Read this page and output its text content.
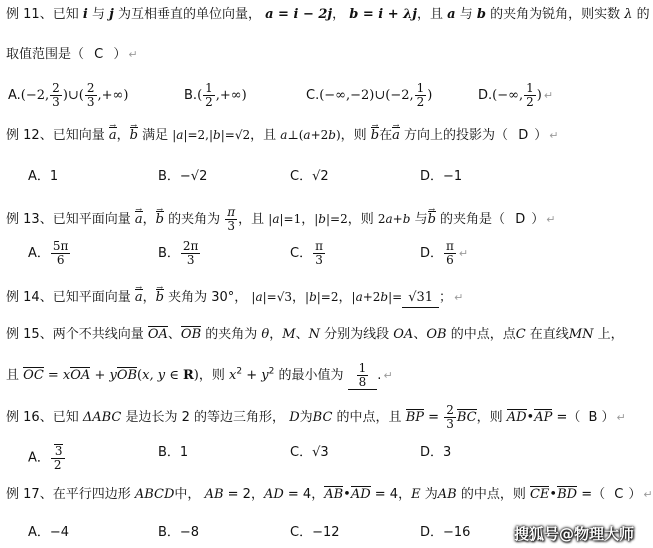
例 11、已知 i 与 j 为互相垂直的单位向量， a = i − 2j， b = i + λj，且 a 与 b 的夹角为锐角，则实数 λ 的
取值范围是（ C ） ↵
A.(−2, $\frac{2}{3}$ )∪( $\frac{2}{3}$ ,+∞)	$B.( \frac{1}{2}$ ,+∞)	C.(−∞,−2)∪(−2, $\frac{1}{2}$ )	D.(−∞, $\frac{1}{2}$ ) ↵
例 12、已知向量 a →，b → 满足 |a|=2,|b|=√2，且 a⊥(a+2b)，则 b →在a → 方向上的投影为（ D ） ↵
A．1	B．−√2	C．√2	D．−1
例 13、已知平面向量 a →，b → 的夹角为 $\frac{\pi}{3}$ ，且 |a|=1，|b|=2，则 2a+b 与b → 的夹角是（ D ） ↵
A． $\frac{5\pi}{6}$	B． $\frac{2\pi}{3}$	C． $\frac{\pi}{3}$	D． $\frac{\pi}{6}$ ↵
例 14、已知平面向量 a →，b → 夹角为 30°， |a|=√3，|b|=2，|a+2b|= √31 ； ↵
例 15、两个不共线向量 OA、OB 的夹角为 θ，M、N 分别为线段 OA、OB 的中点，点C 在直线MN 上，
且 OC = xOA + yOB(x, y ∈ R)，则 $x^2 + y^2$ 的最小值为 $\frac{1}{8}$ . ↵
例 16、已知 ΔABC 是边长为 2 的等边三角形， D为BC 的中点，且 BP = $\frac{2}{3}$ BC，则 AD•AP =（ B ） ↵
A． $\frac{3}{2}$	B．1	C．√3	D．3
例 17、在平行四边形 ABCD中， AB = 2，AD = 4，AB•AD = 4，E 为AB 的中点，则 CE•BD =（ C ） ↵
A．−4	B．−8	C．−12	D．−16	搜狐号@物理大师
